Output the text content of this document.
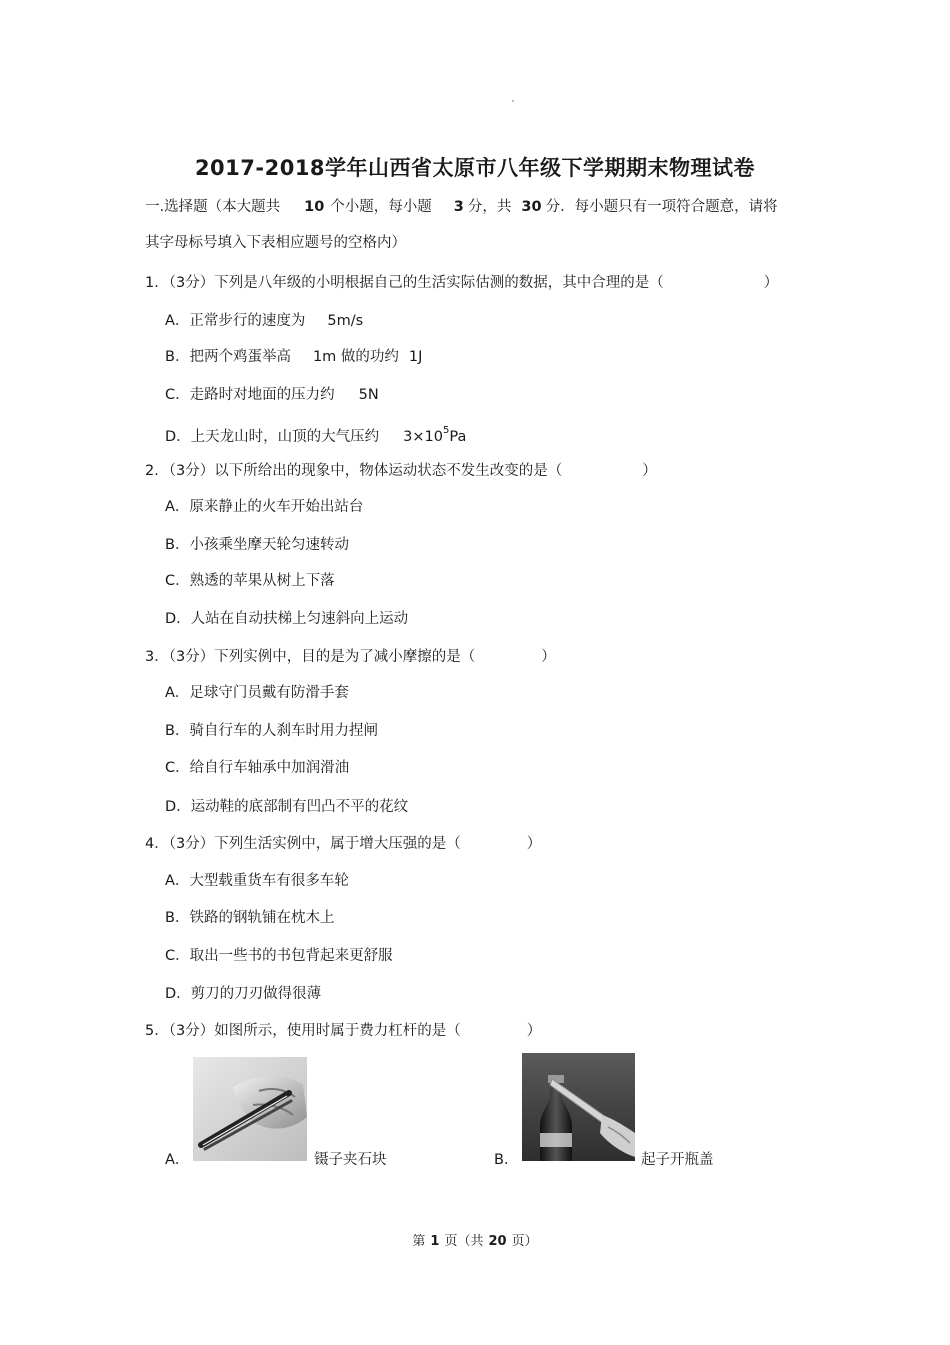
2017-2018学年山西省太原市八年级下学期期末物理试卷
一.选择题（本大题共 10 个小题，每小题 3 分，共 30 分．每小题只有一项符合题意，请将
其字母标号填入下表相应题号的空格内）
1．（3分）下列是八年级的小明根据自己的生活实际估测的数据，其中合理的是（	）
A．正常步行的速度为 5m/s
B．把两个鸡蛋举高 1m 做的功约 1J
C．走路时对地面的压力约 5N
D．上天龙山时，山顶的大气压约 $3\times 10^5Pa$
2．（3分）以下所给出的现象中，物体运动状态不发生改变的是（	）
A．原来静止的火车开始出站台
B．小孩乘坐摩天轮匀速转动
C．熟透的苹果从树上下落
D．人站在自动扶梯上匀速斜向上运动
3．（3分）下列实例中，目的是为了减小摩擦的是（	）
A．足球守门员戴有防滑手套
B．骑自行车的人刹车时用力捏闸
C．给自行车轴承中加润滑油
D．运动鞋的底部制有凹凸不平的花纹
4．（3分）下列生活实例中，属于增大压强的是（	）
A．大型载重货车有很多车轮
B．铁路的钢轨铺在枕木上
C．取出一些书的书包背起来更舒服
D．剪刀的刀刃做得很薄
5．（3分）如图所示，使用时属于费力杠杆的是（	）
A．	镊子夹石块	B．	起子开瓶盖
第 1 页（共 20 页）
